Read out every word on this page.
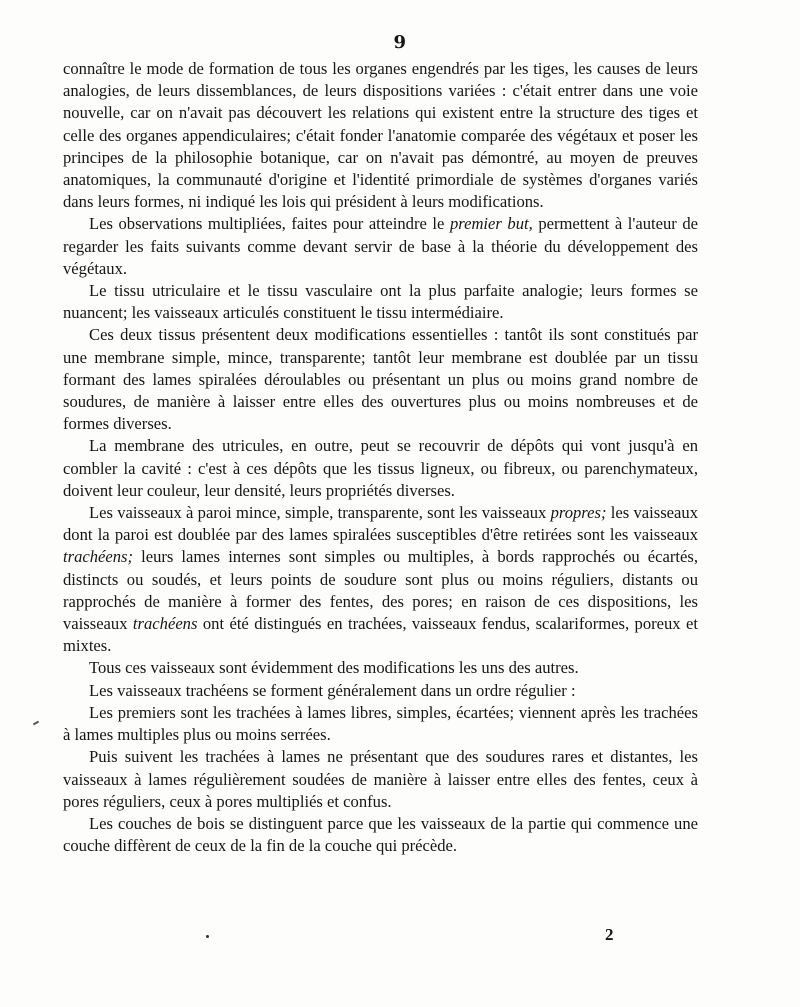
9

connaître le mode de formation de tous les organes engendrés par les tiges, les causes de leurs analogies, de leurs dissemblances, de leurs dispositions variées : c'était entrer dans une voie nouvelle, car on n'avait pas découvert les relations qui existent entre la structure des tiges et celle des organes appendiculaires; c'était fonder l'anatomie comparée des végétaux et poser les principes de la philosophie botanique, car on n'avait pas démontré, au moyen de preuves anatomiques, la communauté d'origine et l'identité primordiale de systèmes d'organes variés dans leurs formes, ni indiqué les lois qui président à leurs modifications.

Les observations multipliées, faites pour atteindre le premier but, permettent à l'auteur de regarder les faits suivants comme devant servir de base à la théorie du développement des végétaux.

Le tissu utriculaire et le tissu vasculaire ont la plus parfaite analogie; leurs formes se nuancent; les vaisseaux articulés constituent le tissu intermédiaire.

Ces deux tissus présentent deux modifications essentielles : tantôt ils sont constitués par une membrane simple, mince, transparente; tantôt leur membrane est doublée par un tissu formant des lames spiralées déroulables ou présentant un plus ou moins grand nombre de soudures, de manière à laisser entre elles des ouvertures plus ou moins nombreuses et de formes diverses.

La membrane des utricules, en outre, peut se recouvrir de dépôts qui vont jusqu'à en combler la cavité : c'est à ces dépôts que les tissus ligneux, ou fibreux, ou parenchymateux, doivent leur couleur, leur densité, leurs propriétés diverses.

Les vaisseaux à paroi mince, simple, transparente, sont les vaisseaux propres; les vaisseaux dont la paroi est doublée par des lames spiralées susceptibles d'être retirées sont les vaisseaux trachéens; leurs lames internes sont simples ou multiples, à bords rapprochés ou écartés, distincts ou soudés, et leurs points de soudure sont plus ou moins réguliers, distants ou rapprochés de manière à former des fentes, des pores; en raison de ces dispositions, les vaisseaux trachéens ont été distingués en trachées, vaisseaux fendus, scalariformes, poreux et mixtes.

Tous ces vaisseaux sont évidemment des modifications les uns des autres.

Les vaisseaux trachéens se forment généralement dans un ordre régulier :

Les premiers sont les trachées à lames libres, simples, écartées; viennent après les trachées à lames multiples plus ou moins serrées.

Puis suivent les trachées à lames ne présentant que des soudures rares et distantes, les vaisseaux à lames régulièrement soudées de manière à laisser entre elles des fentes, ceux à pores réguliers, ceux à pores multipliés et confus.

Les couches de bois se distinguent parce que les vaisseaux de la partie qui commence une couche diffèrent de ceux de la fin de la couche qui précède.

2
